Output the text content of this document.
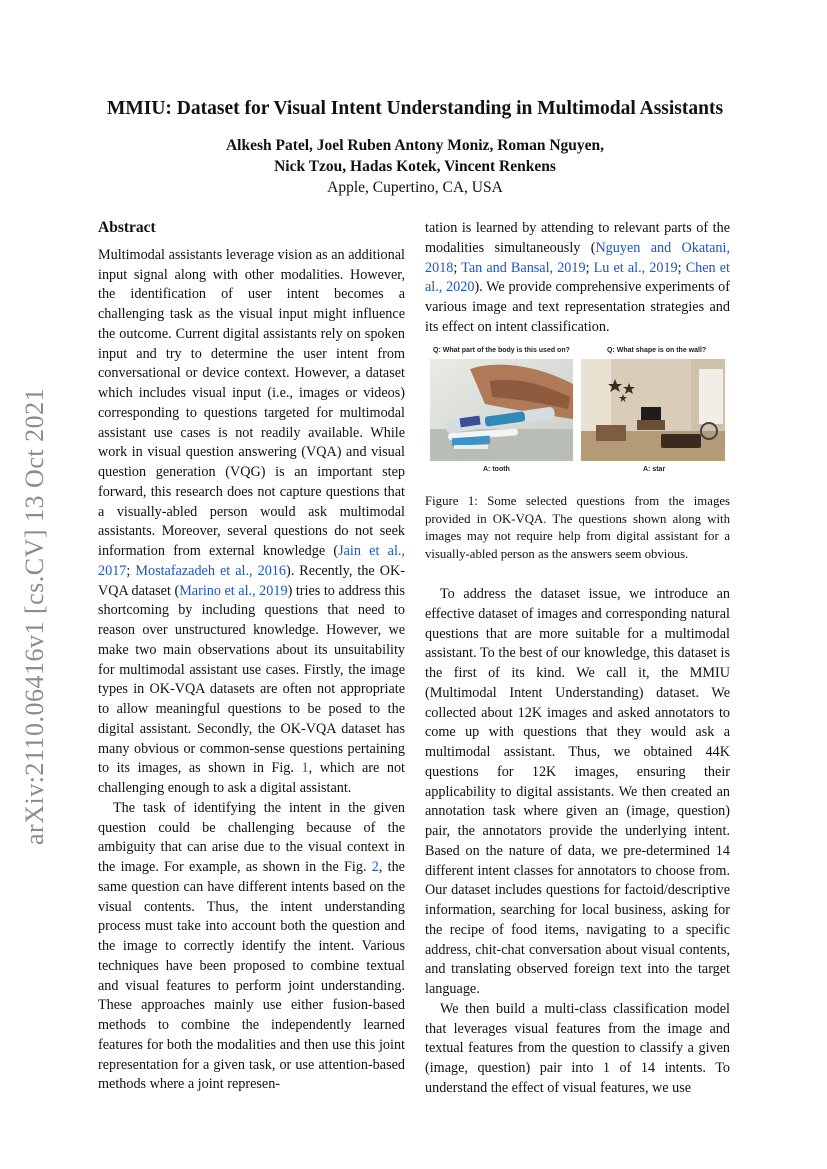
arXiv:2110.06416v1 [cs.CV] 13 Oct 2021
MMIU: Dataset for Visual Intent Understanding in Multimodal Assistants
Alkesh Patel, Joel Ruben Antony Moniz, Roman Nguyen,
Nick Tzou, Hadas Kotek, Vincent Renkens
Apple, Cupertino, CA, USA
Abstract

Multimodal assistants leverage vision as an additional input signal along with other modalities. However, the identification of user intent becomes a challenging task as the visual input might influence the outcome. Current digital assistants rely on spoken input and try to determine the user intent from conversational or device context. However, a dataset which includes visual input (i.e., images or videos) corresponding to questions targeted for multimodal assistant use cases is not readily available. While work in visual question answering (VQA) and visual question generation (VQG) is an important step forward, this research does not capture questions that a visually-abled person would ask multimodal assistants. Moreover, several questions do not seek information from external knowledge (Jain et al., 2017; Mostafazadeh et al., 2016). Recently, the OK-VQA dataset (Marino et al., 2019) tries to address this shortcoming by including questions that need to reason over unstructured knowledge. However, we make two main observations about its unsuitability for multimodal assistant use cases. Firstly, the image types in OK-VQA datasets are often not appropriate to allow meaningful questions to be posed to the digital assistant. Secondly, the OK-VQA dataset has many obvious or common-sense questions pertaining to its images, as shown in Fig. 1, which are not challenging enough to ask a digital assistant.

The task of identifying the intent in the given question could be challenging because of the ambiguity that can arise due to the visual context in the image. For example, as shown in the Fig. 2, the same question can have different intents based on the visual contents. Thus, the intent understanding process must take into account both the question and the image to correctly identify the intent. Various techniques have been proposed to combine textual and visual features to perform joint understanding. These approaches mainly use either fusion-based methods to combine the independently learned features for both the modalities and then use this joint representation for a given task, or use attention-based methods where a joint represen-

tation is learned by attending to relevant parts of the modalities simultaneously (Nguyen and Okatani, 2018; Tan and Bansal, 2019; Lu et al., 2019; Chen et al., 2020). We provide comprehensive experiments of various image and text representation strategies and its effect on intent classification.

Q: What part of the body is this used on?	Q: What shape is on the wall?
A: tooth	A: star

Figure 1: Some selected questions from the images provided in OK-VQA. The questions shown along with images may not require help from digital assistant for a visually-abled person as the answers seem obvious.

To address the dataset issue, we introduce an effective dataset of images and corresponding natural questions that are more suitable for a multimodal assistant. To the best of our knowledge, this dataset is the first of its kind. We call it, the MMIU (Multimodal Intent Understanding) dataset. We collected about 12K images and asked annotators to come up with questions that they would ask a multimodal assistant. Thus, we obtained 44K questions for 12K images, ensuring their applicability to digital assistants. We then created an annotation task where given an (image, question) pair, the annotators provide the underlying intent. Based on the nature of data, we pre-determined 14 different intent classes for annotators to choose from. Our dataset includes questions for factoid/descriptive information, searching for local business, asking for the recipe of food items, navigating to a specific address, chit-chat conversation about visual contents, and translating observed foreign text into the target language.

We then build a multi-class classification model that leverages visual features from the image and textual features from the question to classify a given (image, question) pair into 1 of 14 intents. To understand the effect of visual features, we use
